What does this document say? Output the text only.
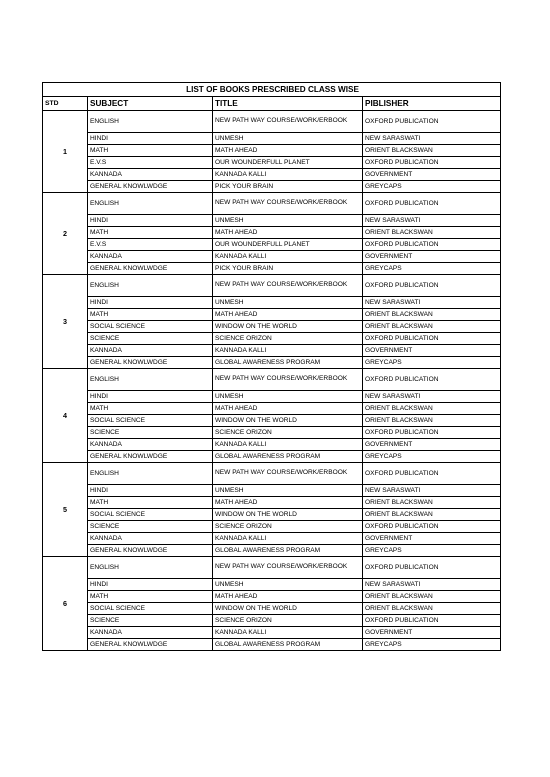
LIST OF BOOKS PRESCRIBED CLASS WISE			
STD	SUBJECT	TITLE	PIBLISHER
1	ENGLISH	NEW PATH WAY COURSE/WORK/ERBOOK	OXFORD PUBLICATION
	HINDI	UNMESH	NEW SARASWATI
	MATH	MATH AHEAD	ORIENT BLACKSWAN
	E.V.S	OUR WOUNDERFULL PLANET	OXFORD PUBLICATION
	KANNADA	KANNADA KALLI	GOVERNMENT
	GENERAL KNOWLWDGE	PICK YOUR BRAIN	GREYCAPS
2	ENGLISH	NEW PATH WAY COURSE/WORK/ERBOOK	OXFORD PUBLICATION
	HINDI	UNMESH	NEW SARASWATI
	MATH	MATH AHEAD	ORIENT BLACKSWAN
	E.V.S	OUR WOUNDERFULL PLANET	OXFORD PUBLICATION
	KANNADA	KANNADA KALLI	GOVERNMENT
	GENERAL KNOWLWDGE	PICK YOUR BRAIN	GREYCAPS
3	ENGLISH	NEW PATH WAY COURSE/WORK/ERBOOK	OXFORD PUBLICATION
	HINDI	UNMESH	NEW SARASWATI
	MATH	MATH AHEAD	ORIENT BLACKSWAN
	SOCIAL SCIENCE	WINDOW ON THE WORLD	ORIENT BLACKSWAN
	SCIENCE	SCIENCE ORIZON	OXFORD PUBLICATION
	KANNADA	KANNADA KALLI	GOVERNMENT
	GENERAL KNOWLWDGE	GLOBAL AWARENESS PROGRAM	GREYCAPS
4	ENGLISH	NEW PATH WAY COURSE/WORK/ERBOOK	OXFORD PUBLICATION
	HINDI	UNMESH	NEW SARASWATI
	MATH	MATH AHEAD	ORIENT BLACKSWAN
	SOCIAL SCIENCE	WINDOW ON THE WORLD	ORIENT BLACKSWAN
	SCIENCE	SCIENCE ORIZON	OXFORD PUBLICATION
	KANNADA	KANNADA KALLI	GOVERNMENT
	GENERAL KNOWLWDGE	GLOBAL AWARENESS PROGRAM	GREYCAPS
5	ENGLISH	NEW PATH WAY COURSE/WORK/ERBOOK	OXFORD PUBLICATION
	HINDI	UNMESH	NEW SARASWATI
	MATH	MATH AHEAD	ORIENT BLACKSWAN
	SOCIAL SCIENCE	WINDOW ON THE WORLD	ORIENT BLACKSWAN
	SCIENCE	SCIENCE ORIZON	OXFORD PUBLICATION
	KANNADA	KANNADA KALLI	GOVERNMENT
	GENERAL KNOWLWDGE	GLOBAL AWARENESS PROGRAM	GREYCAPS
6	ENGLISH	NEW PATH WAY COURSE/WORK/ERBOOK	OXFORD PUBLICATION
	HINDI	UNMESH	NEW SARASWATI
	MATH	MATH AHEAD	ORIENT BLACKSWAN
	SOCIAL SCIENCE	WINDOW ON THE WORLD	ORIENT BLACKSWAN
	SCIENCE	SCIENCE ORIZON	OXFORD PUBLICATION
	KANNADA	KANNADA KALLI	GOVERNMENT
	GENERAL KNOWLWDGE	GLOBAL AWARENESS PROGRAM	GREYCAPS
